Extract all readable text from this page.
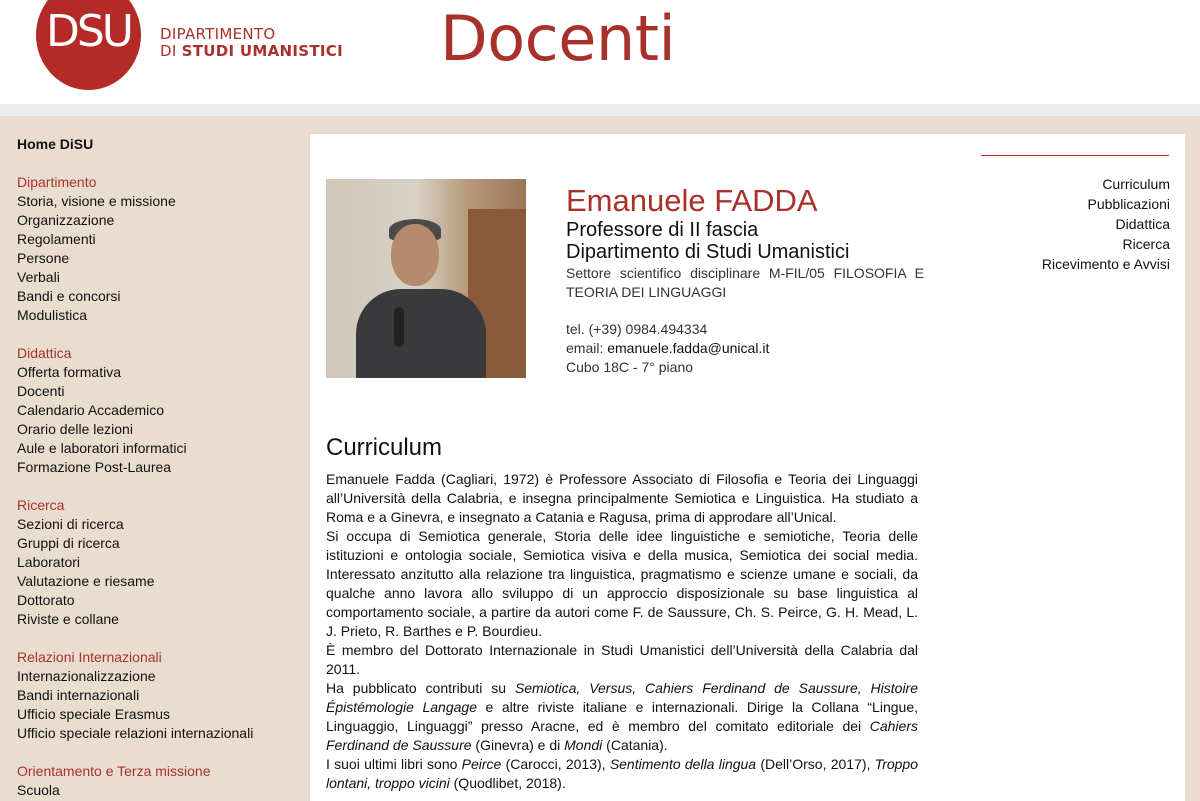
DSU	DIPARTIMENTO
DI STUDI UMANISTICI Docenti
Home DiSU
Dipartimento
Storia, visione e missione
Organizzazione
Regolamenti
Persone
Verbali
Bandi e concorsi
Modulistica
Didattica
Offerta formativa
Docenti
Calendario Accademico
Orario delle lezioni
Aule e laboratori informatici
Formazione Post-Laurea
Ricerca
Sezioni di ricerca
Gruppi di ricerca
Laboratori
Valutazione e riesame
Dottorato
Riviste e collane
Relazioni Internazionali
Internazionalizzazione
Bandi internazionali
Ufficio speciale Erasmus
Ufficio speciale relazioni internazionali
Orientamento e Terza missione
Scuola
Curriculum
Pubblicazioni
Didattica
Ricerca
Ricevimento e Avvisi
Emanuele FADDA
Professore di II fascia
Dipartimento di Studi Umanistici
Settore scientifico disciplinare M-FIL/05 FILOSOFIA E TEORIA DEI LINGUAGGI
tel. (+39) 0984.494334
email: emanuele.fadda@unical.it
Cubo 18C - 7° piano
Curriculum

Emanuele Fadda (Cagliari, 1972) è Professore Associato di Filosofia e Teoria dei Linguaggi all’Università della Calabria, e insegna principalmente Semiotica e Linguistica. Ha studiato a Roma e a Ginevra, e insegnato a Catania e Ragusa, prima di approdare all’Unical.

Si occupa di Semiotica generale, Storia delle idee linguistiche e semiotiche, Teoria delle istituzioni e ontologia sociale, Semiotica visiva e della musica, Semiotica dei social media. Interessato anzitutto alla relazione tra linguistica, pragmatismo e scienze umane e sociali, da qualche anno lavora allo sviluppo di un approccio disposizionale su base linguistica al comportamento sociale, a partire da autori come F. de Saussure, Ch. S. Peirce, G. H. Mead, L. J. Prieto, R. Barthes e P. Bourdieu.

È membro del Dottorato Internazionale in Studi Umanistici dell’Università della Calabria dal 2011.

Ha pubblicato contributi su Semiotica, Versus, Cahiers Ferdinand de Saussure, Histoire Épistémologie Langage e altre riviste italiane e internazionali. Dirige la Collana “Lingue, Linguaggio, Linguaggi” presso Aracne, ed è membro del comitato editoriale dei Cahiers Ferdinand de Saussure (Ginevra) e di Mondi (Catania).

I suoi ultimi libri sono Peirce (Carocci, 2013), Sentimento della lingua (Dell’Orso, 2017), Troppo lontani, troppo vicini (Quodlibet, 2018).
